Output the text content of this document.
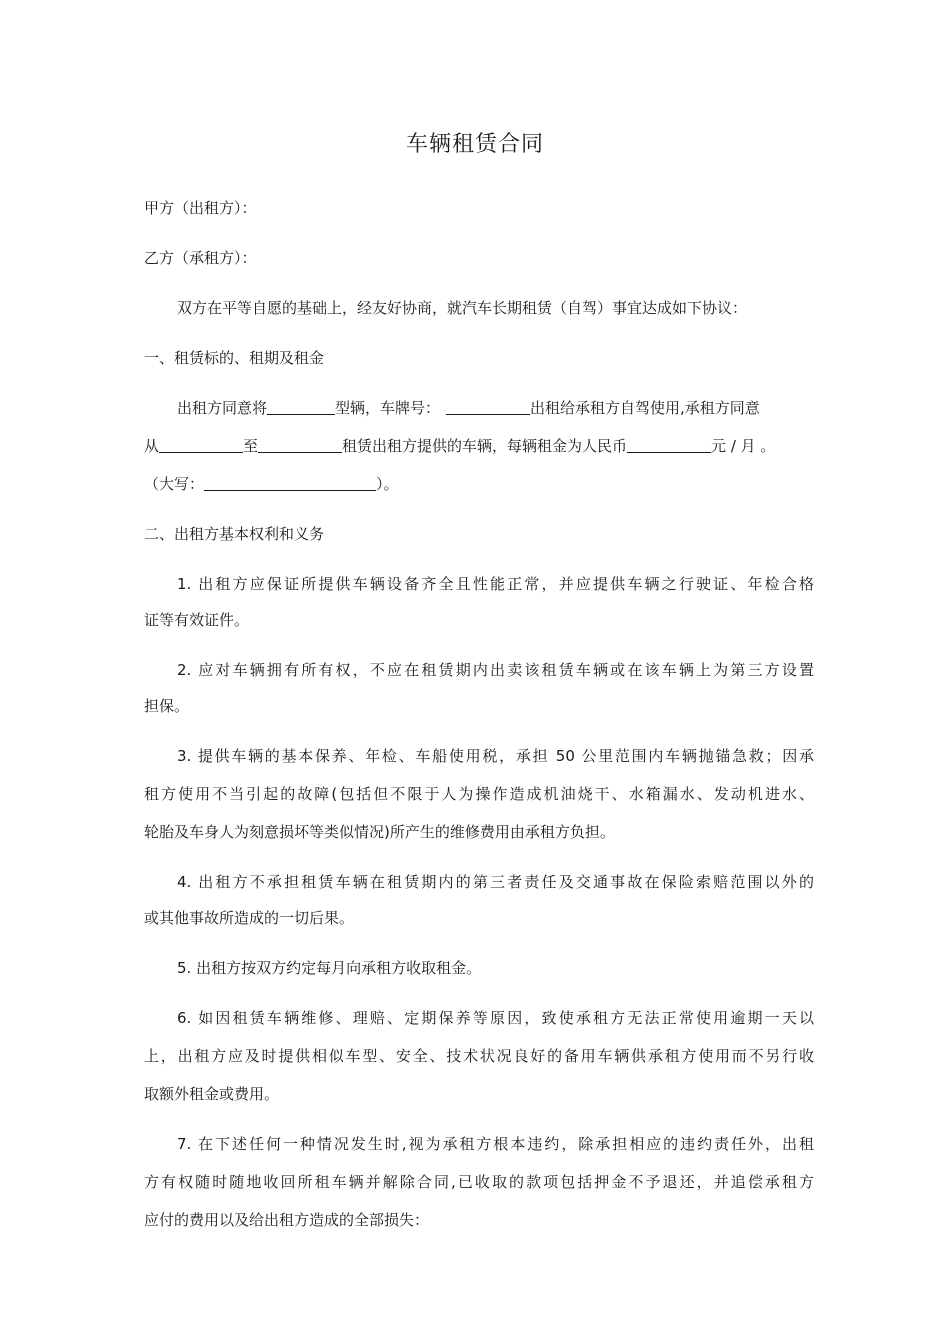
车辆租赁合同
甲方（出租方）：
乙方（承租方）：
双方在平等自愿的基础上，经友好协商，就汽车长期租赁（自驾）事宜达成如下协议：
一、租赁标的、租期及租金
出租方同意将	型辆，车牌号：	出租给承租方自驾使用,承租方同意
从	至	租赁出租方提供的车辆，每辆租金为人民币	元 / 月 。
（大写：	）。
二、出租方基本权利和义务
1. 出租方应保证所提供车辆设备齐全且性能正常，并应提供车辆之行驶证、年检合格
证等有效证件。
2. 应对车辆拥有所有权，不应在租赁期内出卖该租赁车辆或在该车辆上为第三方设置
担保。
3. 提供车辆的基本保养、年检、车船使用税，承担 50 公里范围内车辆抛锚急救；因承
租方使用不当引起的故障(包括但不限于人为操作造成机油烧干、水箱漏水、发动机进水、
轮胎及车身人为刻意损坏等类似情况)所产生的维修费用由承租方负担。
4. 出租方不承担租赁车辆在租赁期内的第三者责任及交通事故在保险索赔范围以外的
或其他事故所造成的一切后果。
5. 出租方按双方约定每月向承租方收取租金。
6. 如因租赁车辆维修、理赔、定期保养等原因，致使承租方无法正常使用逾期一天以
上，出租方应及时提供相似车型、安全、技术状况良好的备用车辆供承租方使用而不另行收
取额外租金或费用。
7. 在下述任何一种情况发生时,视为承租方根本违约，除承担相应的违约责任外，出租
方有权随时随地收回所租车辆并解除合同,已收取的款项包括押金不予退还，并追偿承租方
应付的费用以及给出租方造成的全部损失：
